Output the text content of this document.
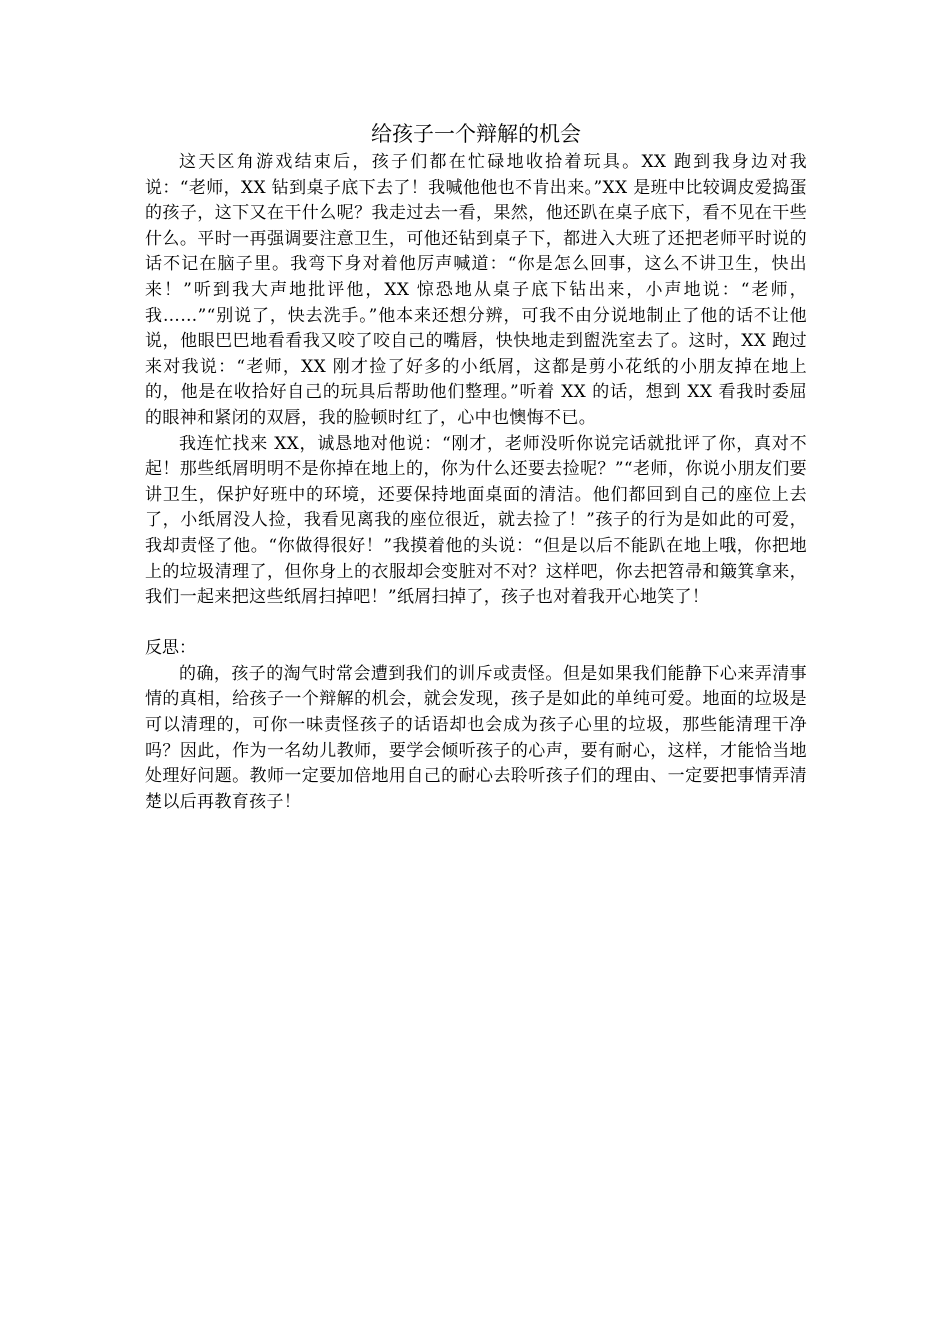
给孩子一个辩解的机会

这天区角游戏结束后，孩子们都在忙碌地收拾着玩具。XX 跑到我身边对我说：“老师，XX 钻到桌子底下去了！我喊他他也不肯出来。”XX 是班中比较调皮爱捣蛋的孩子，这下又在干什么呢？我走过去一看，果然，他还趴在桌子底下，看不见在干些什么。平时一再强调要注意卫生，可他还钻到桌子下，都进入大班了还把老师平时说的话不记在脑子里。我弯下身对着他厉声喊道：“你是怎么回事，这么不讲卫生，快出来！”听到我大声地批评他，XX 惊恐地从桌子底下钻出来，小声地说：“老师，我……”“别说了，快去洗手。”他本来还想分辨，可我不由分说地制止了他的话不让他说，他眼巴巴地看看我又咬了咬自己的嘴唇，快快地走到盥洗室去了。这时，XX 跑过来对我说：“老师，XX 刚才捡了好多的小纸屑，这都是剪小花纸的小朋友掉在地上的，他是在收拾好自己的玩具后帮助他们整理。”听着 XX 的话，想到 XX 看我时委屈的眼神和紧闭的双唇，我的脸顿时红了，心中也懊悔不已。

我连忙找来 XX，诚恳地对他说：“刚才，老师没听你说完话就批评了你，真对不起！那些纸屑明明不是你掉在地上的，你为什么还要去捡呢？”“老师，你说小朋友们要讲卫生，保护好班中的环境，还要保持地面桌面的清洁。他们都回到自己的座位上去了，小纸屑没人捡，我看见离我的座位很近，就去捡了！”孩子的行为是如此的可爱，我却责怪了他。“你做得很好！”我摸着他的头说：“但是以后不能趴在地上哦，你把地上的垃圾清理了，但你身上的衣服却会变脏对不对？这样吧，你去把笤帚和簸箕拿来，我们一起来把这些纸屑扫掉吧！”纸屑扫掉了，孩子也对着我开心地笑了！

反思：

的确，孩子的淘气时常会遭到我们的训斥或责怪。但是如果我们能静下心来弄清事情的真相，给孩子一个辩解的机会，就会发现，孩子是如此的单纯可爱。地面的垃圾是可以清理的，可你一味责怪孩子的话语却也会成为孩子心里的垃圾，那些能清理干净吗？因此，作为一名幼儿教师，要学会倾听孩子的心声，要有耐心，这样，才能恰当地处理好问题。教师一定要加倍地用自己的耐心去聆听孩子们的理由、一定要把事情弄清楚以后再教育孩子！
